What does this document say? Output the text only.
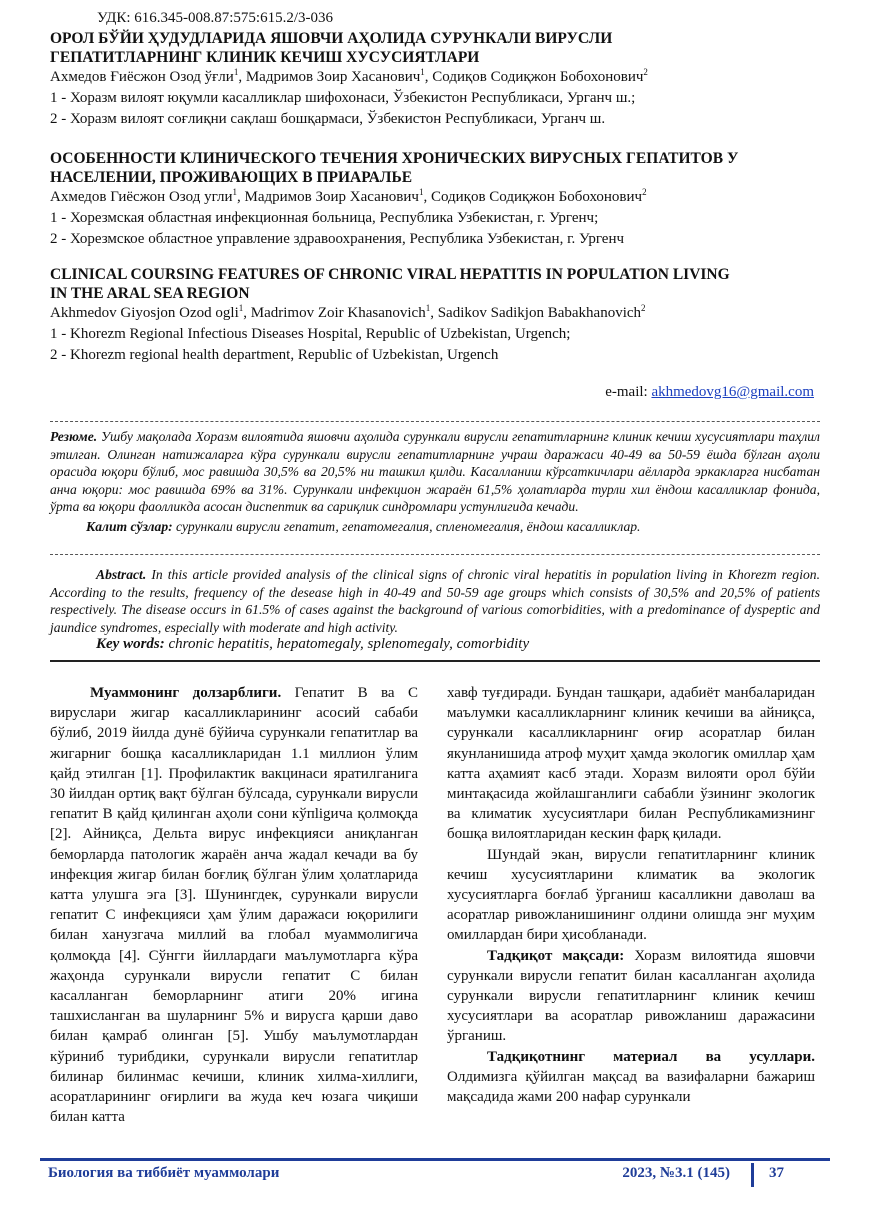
УДК: 616.345-008.87:575:615.2/3-036
ОРОЛ БЎЙИ ҲУДУДЛАРИДА ЯШОВЧИ АҲОЛИДА СУРУНКАЛИ ВИРУСЛИ
ГЕПАТИТЛАРНИНГ КЛИНИК КЕЧИШ ХУСУСИЯТЛАРИ
Ахмедов Ғиёсжон Озод ўғли$^1$, Мадримов Зоир Хасанович$^1$, Содиқов Содиқжон Бобохонович$^2$
1 - Хоразм вилоят юқумли касалликлар шифохонаси, Ўзбекистон Республикаси, Урганч ш.;
2 - Хоразм вилоят соғлиқни сақлаш бошқармаси, Ўзбекистон Республикаси, Урганч ш.
ОСОБЕННОСТИ КЛИНИЧЕСКОГО ТЕЧЕНИЯ ХРОНИЧЕСКИХ ВИРУСНЫХ ГЕПАТИТОВ У
НАСЕЛЕНИИ, ПРОЖИВАЮЩИХ В ПРИАРАЛЬЕ
Ахмедов Гиёсжон Озод угли$^1$, Мадримов Зоир Хасанович$^1$, Содиқов Содиқжон Бобохонович$^2$
1 - Хорезмская областная инфекционная больница, Республика Узбекистан, г. Ургенч;
2 - Хорезмское областное управление здравоохранения, Республика Узбекистан, г. Ургенч
CLINICAL COURSING FEATURES OF CHRONIC VIRAL HEPATITIS IN POPULATION LIVING
IN THE ARAL SEA REGION
Akhmedov Giyosjon Ozod ogli$^1$, Madrimov Zoir Khasanovich$^1$, Sadikov Sadikjon Babakhanovich$^2$
1 - Khorezm Regional Infectious Diseases Hospital, Republic of Uzbekistan, Urgench;
2 - Khorezm regional health department, Republic of Uzbekistan, Urgench
e-mail: akhmedovg16@gmail.com
Резюме. Ушбу мақолада Хоразм вилоятида яшовчи аҳолида сурункали вирусли гепатитларнинг клиник кечиш хусусиятлари таҳлил этилган. Олинган натижаларга кўра сурункали вирусли гепатитларнинг учраш даражаси 40-49 ва 50-59 ёшда бўлган аҳоли орасида юқори бўлиб, мос равишда 30,5% ва 20,5% ни ташкил қилди. Касалланиш кўрсаткичлари аёлларда эркакларга нисбатан анча юқори: мос равишда 69% ва 31%. Сурункали инфекцион жараён 61,5% ҳолатларда турли хил ёндош касалликлар фонида, ўрта ва юқори фаолликда асосан диспептик ва сариқлик синдромлари устунлигида кечади.
Калит сўзлар: сурункали вирусли гепатит, гепатомегалия, спленомегалия, ёндош касалликлар.
Abstract. In this article provided analysis of the clinical signs of chronic viral hepatitis in population living in Khorezm region. According to the results, frequency of the desease high in 40-49 and 50-59 age groups which consists of 30,5% and 20,5% of patients respectively. The disease occurs in 61.5% of cases against the background of various comorbidities, with a predominance of dyspeptic and jaundice syndromes, especially with moderate and high activity.
Key words: chronic hepatitis, hepatomegaly, splenomegaly, comorbidity

Муаммонинг долзарблиги. Гепатит В ва С вируслари жигар касалликларининг асосий сабаби бўлиб, 2019 йилда дунё бўйича сурункали гепатитлар ва жигарниг бошқа касалликларидан 1.1 миллион ўлим қайд этилган [1]. Профилактик вакцинаси яратилганига 30 йилдан ортиқ вақт бўлган бўлсада, сурункали вирусли гепатит В қайд қилинган аҳоли сони кўпligича қолмоқда [2]. Айниқса, Дельта вирус инфекцияси аниқланган беморларда патологик жараён анча жадал кечади ва бу инфекция жигар билан боғлиқ бўлган ўлим ҳолатларида катта улушга эга [3]. Шунингдек, сурункали вирусли гепатит С инфекцияси ҳам ўлим даражаси юқорилиги билан ханузгача миллий ва глобал муаммолигича қолмоқда [4]. Сўнгги йиллардаги маълумотларга кўра жаҳонда сурункали вирусли гепатит С билан касалланган беморларнинг атиги 20% игина ташхисланган ва шуларнинг 5% и вирусга қарши даво билан қамраб олинган [5]. Ушбу маълумотлардан кўриниб турибдики, сурункали вирусли гепатитлар билинар билинмас кечиши, клиник хилма-хиллиги, асоратларининг оғирлиги ва жуда кеч юзага чиқиши билан катта

хавф туғдиради. Бундан ташқари, адабиёт манбаларидан маълумки касалликларнинг клиник кечиши ва айниқса, сурункали касалликларнинг оғир асоратлар билан якунланишида атроф муҳит ҳамда экологик омиллар ҳам катта аҳамият касб этади. Хоразм вилояти орол бўйи минтақасида жойлашганлиги сабабли ўзининг экологик ва климатик хусусиятлари билан Республикамизнинг бошқа вилоятларидан кескин фарқ қилади.

Шундай экан, вирусли гепатитларнинг клиник кечиш хусусиятларини климатик ва экологик хусусиятларга боғлаб ўрганиш касалликни даволаш ва асоратлар ривожланишининг олдини олишда энг муҳим омиллардан бири ҳисобланади.

Тадқиқот мақсади: Хоразм вилоятида яшовчи сурункали вирусли гепатит билан касалланган аҳолида сурункали вирусли гепатитларнинг клиник кечиш хусусиятлари ва асоратлар ривожланиш даражасини ўрганиш.

Тадқиқотнинг материал ва усуллари. Олдимизга қўйилган мақсад ва вазифаларни бажариш мақсадида жами 200 нафар сурункали

Биология ва тиббиёт муаммолари	2023, №3.1 (145)	37
